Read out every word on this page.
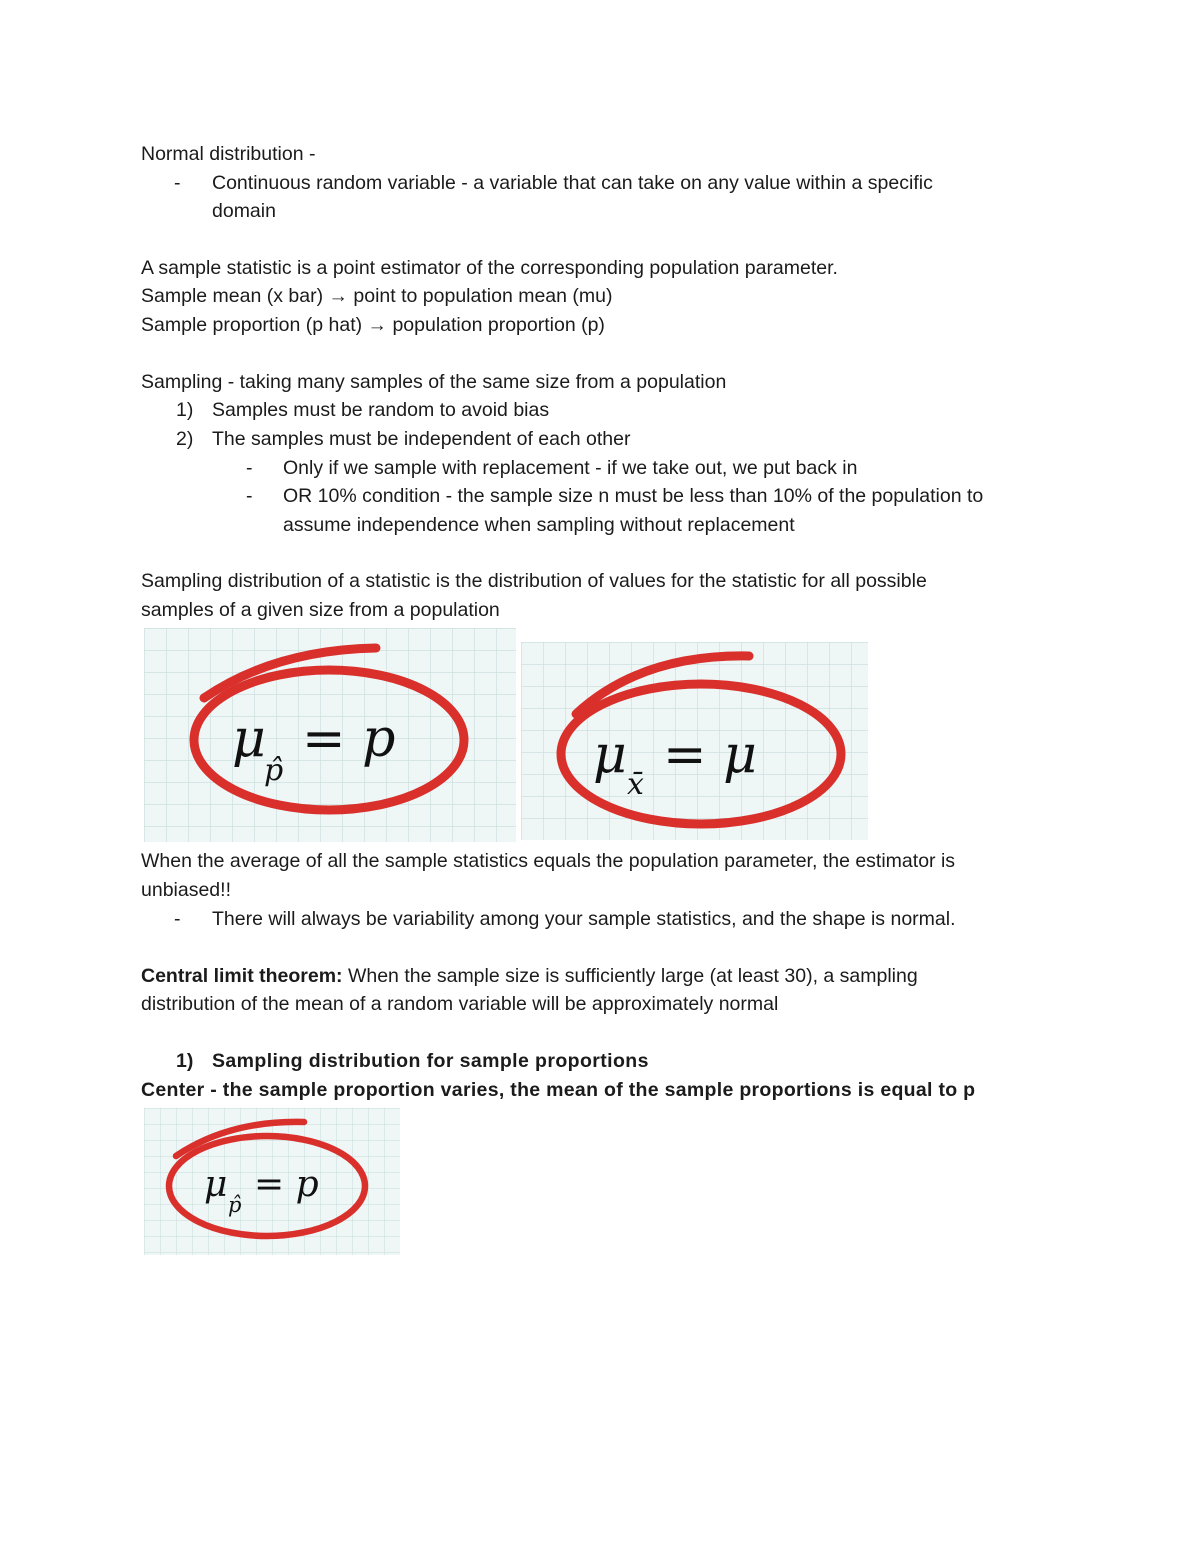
Normal distribution -
- Continuous random variable - a variable that can take on any value within a specific
domain
A sample statistic is a point estimator of the corresponding population parameter.
Sample mean (x bar) → point to population mean (mu)
Sample proportion (p hat) → population proportion (p)
Sampling - taking many samples of the same size from a population
1) Samples must be random to avoid bias
2) The samples must be independent of each other
- Only if we sample with replacement - if we take out, we put back in
- OR 10% condition - the sample size n must be less than 10% of the population to
assume independence when sampling without replacement
Sampling distribution of a statistic is the distribution of values for the statistic for all possible
samples of a given size from a population
μ
p̂
= p	μ x̄ = μ
When the average of all the sample statistics equals the population parameter, the estimator is
unbiased!!
- There will always be variability among your sample statistics, and the shape is normal.
Central limit theorem: When the sample size is sufficiently large (at least 30), a sampling
distribution of the mean of a random variable will be approximately normal
1) Sampling distribution for sample proportions
Center - the sample proportion varies, the mean of the sample proportions is equal to p
μ p̂ = p
